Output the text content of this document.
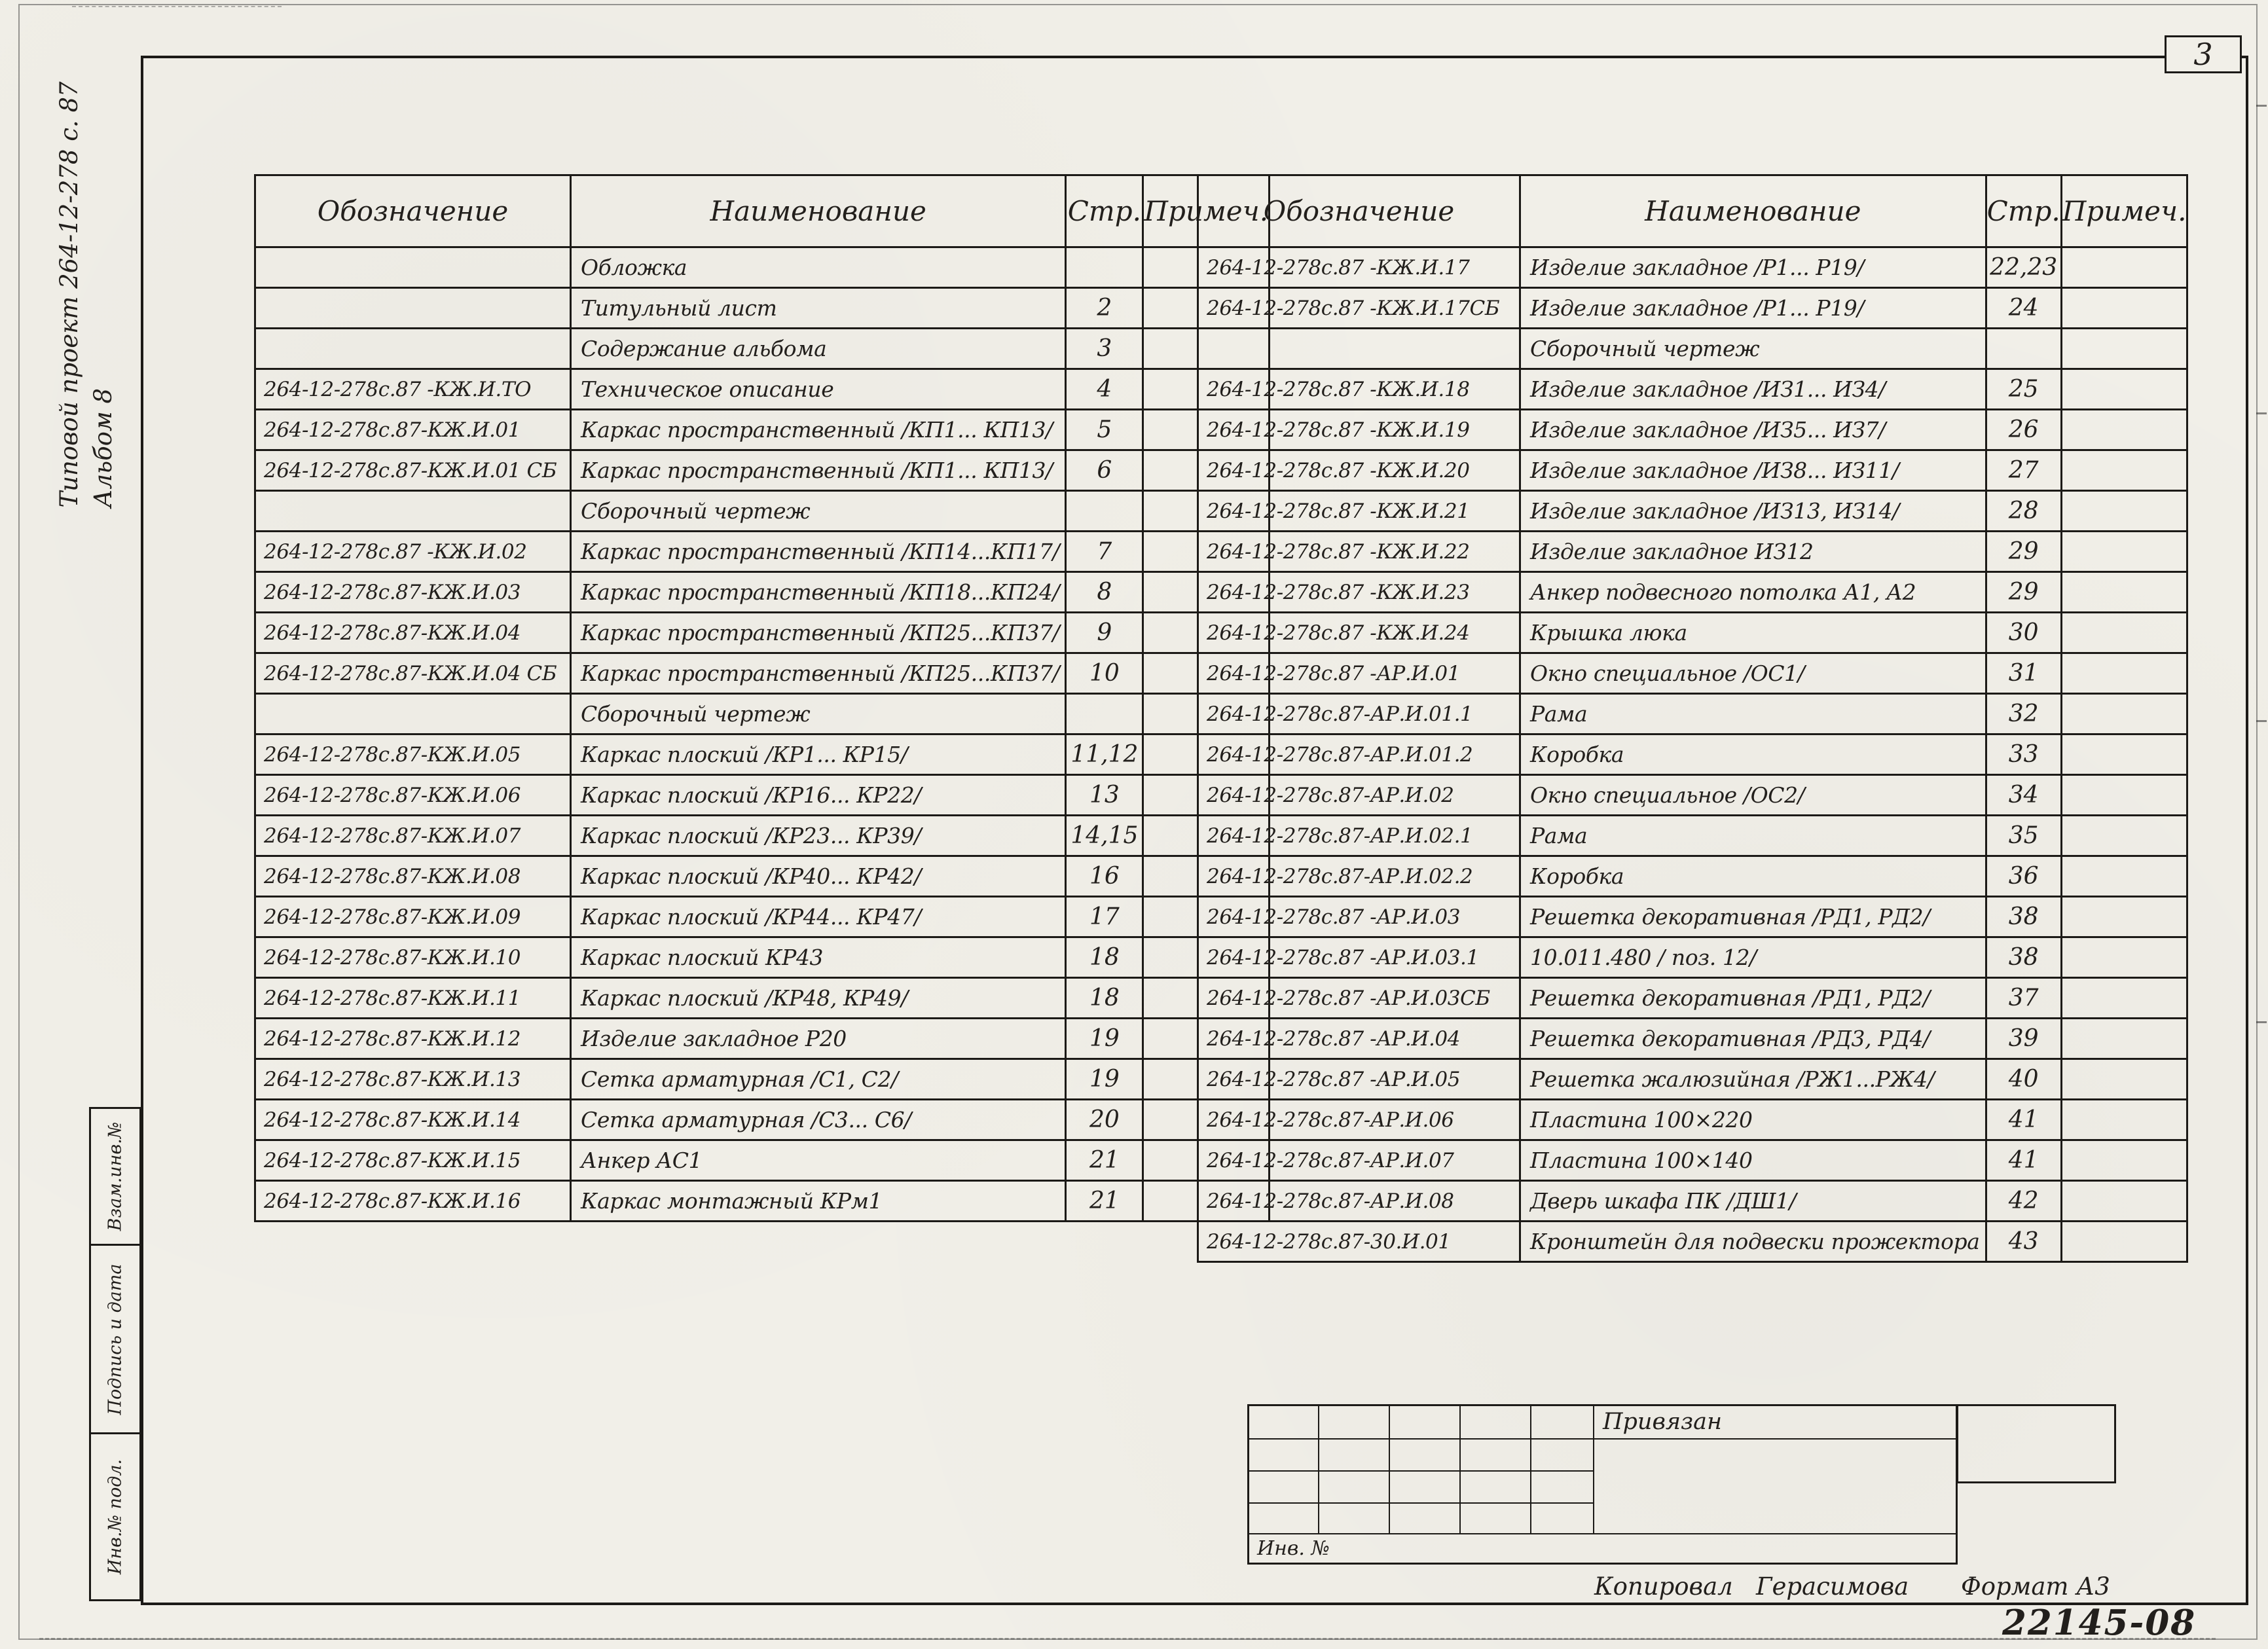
3
Типовой проект 264-12-278 с. 87 Альбом 8
Взам.инв.№
Подпись и дата
Инв.№ подл.
Обозначение	Наименование	Стр.	Примеч.
	Обложка		
	Титульный лист	2	
	Содержание альбома	3	
264-12-278с.87 -КЖ.И.ТО	Техническое описание	4	
264-12-278с.87-КЖ.И.01	Каркас пространственный /КП1... КП13/	5	
264-12-278с.87-КЖ.И.01 СБ	Каркас пространственный /КП1... КП13/	6	
	Сборочный чертеж		
264-12-278с.87 -КЖ.И.02	Каркас пространственный /КП14...КП17/	7	
264-12-278с.87-КЖ.И.03	Каркас пространственный /КП18...КП24/	8	
264-12-278с.87-КЖ.И.04	Каркас пространственный /КП25...КП37/	9	
264-12-278с.87-КЖ.И.04 СБ	Каркас пространственный /КП25...КП37/	10	
	Сборочный чертеж		
264-12-278с.87-КЖ.И.05	Каркас плоский /КР1... КР15/	11,12	
264-12-278с.87-КЖ.И.06	Каркас плоский /КР16... КР22/	13	
264-12-278с.87-КЖ.И.07	Каркас плоский /КР23... КР39/	14,15	
264-12-278с.87-КЖ.И.08	Каркас плоский /КР40... КР42/	16	
264-12-278с.87-КЖ.И.09	Каркас плоский /КР44... КР47/	17	
264-12-278с.87-КЖ.И.10	Каркас плоский КР43	18	
264-12-278с.87-КЖ.И.11	Каркас плоский /КР48, КР49/	18	
264-12-278с.87-КЖ.И.12	Изделие закладное Р20	19	
264-12-278с.87-КЖ.И.13	Сетка арматурная /С1, С2/	19	
264-12-278с.87-КЖ.И.14	Сетка арматурная /С3... С6/	20	
264-12-278с.87-КЖ.И.15	Анкер АС1	21	
264-12-278с.87-КЖ.И.16	Каркас монтажный КРм1	21	
Обозначение	Наименование	Стр.	Примеч.
264-12-278с.87 -КЖ.И.17	Изделие закладное /Р1... Р19/	22,23	
264-12-278с.87 -КЖ.И.17СБ	Изделие закладное /Р1... Р19/	24	
	Сборочный чертеж		
264-12-278с.87 -КЖ.И.18	Изделие закладное /ИЗ1... ИЗ4/	25	
264-12-278с.87 -КЖ.И.19	Изделие закладное /ИЗ5... ИЗ7/	26	
264-12-278с.87 -КЖ.И.20	Изделие закладное /ИЗ8... ИЗ11/	27	
264-12-278с.87 -КЖ.И.21	Изделие закладное /ИЗ13, ИЗ14/	28	
264-12-278с.87 -КЖ.И.22	Изделие закладное ИЗ12	29	
264-12-278с.87 -КЖ.И.23	Анкер подвесного потолка А1, А2	29	
264-12-278с.87 -КЖ.И.24	Крышка люка	30	
264-12-278с.87 -АР.И.01	Окно специальное /ОС1/	31	
264-12-278с.87-АР.И.01.1	Рама	32	
264-12-278с.87-АР.И.01.2	Коробка	33	
264-12-278с.87-АР.И.02	Окно специальное /ОС2/	34	
264-12-278с.87-АР.И.02.1	Рама	35	
264-12-278с.87-АР.И.02.2	Коробка	36	
264-12-278с.87 -АР.И.03	Решетка декоративная /РД1, РД2/	38	
264-12-278с.87 -АР.И.03.1	10.011.480 / поз. 12/	38	
264-12-278с.87 -АР.И.03СБ	Решетка декоративная /РД1, РД2/	37	
264-12-278с.87 -АР.И.04	Решетка декоративная /РД3, РД4/	39	
264-12-278с.87 -АР.И.05	Решетка жалюзийная /РЖ1...РЖ4/	40	
264-12-278с.87-АР.И.06	Пластина 100×220	41	
264-12-278с.87-АР.И.07	Пластина 100×140	41	
264-12-278с.87-АР.И.08	Дверь шкафа ПК /ДШ1/	42	
264-12-278с.87-30.И.01	Кронштейн для подвески прожектора	43	
Привязан
Инв. №
Копировал   Герасимова Формат А3
22145-08
